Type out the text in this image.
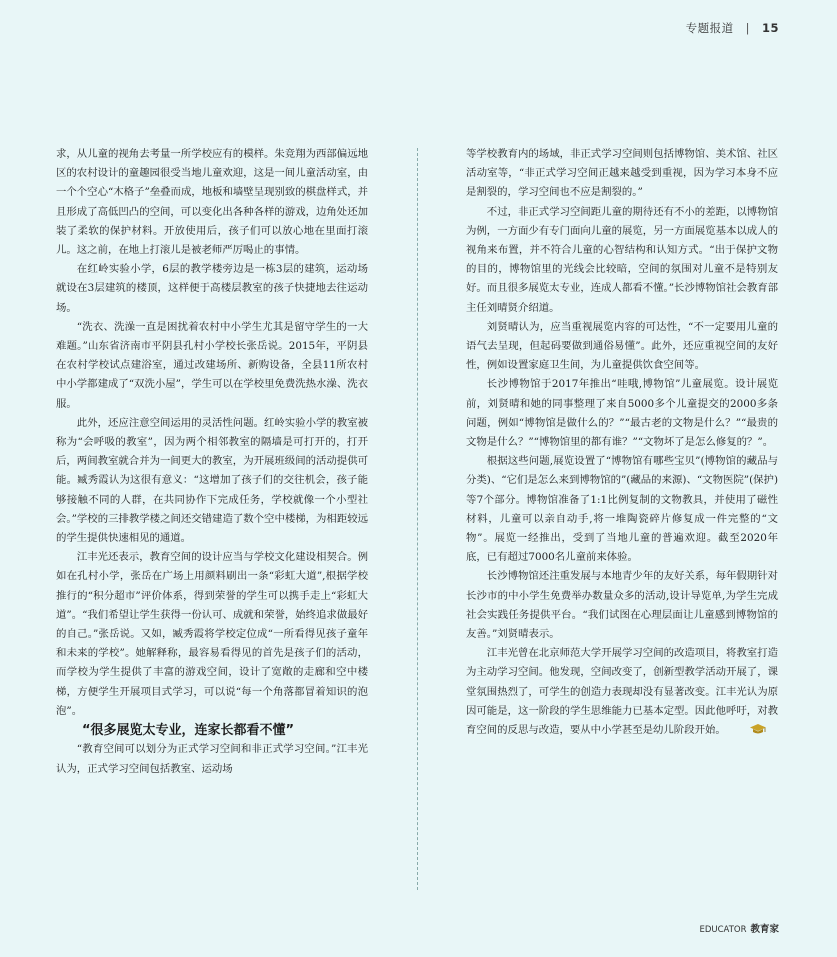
专题报道 | 15

求，从儿童的视角去考量一所学校应有的模样。朱竞翔为西部偏远地区的农村设计的童趣园很受当地儿童欢迎，这是一间儿童活动室，由一个个空心“木格子”垒叠而成，地板和墙壁呈现别致的棋盘样式，并且形成了高低凹凸的空间，可以变化出各种各样的游戏，边角处还加装了柔软的保护材料。开放使用后，孩子们可以放心地在里面打滚儿。这之前，在地上打滚儿是被老师严厉喝止的事情。

在红岭实验小学，6层的教学楼旁边是一栋3层的建筑，运动场就设在3层建筑的楼顶，这样便于高楼层教室的孩子快捷地去往运动场。

“洗衣、洗澡一直是困扰着农村中小学生尤其是留守学生的一大难题。”山东省济南市平阴县孔村小学校长张岳说。2015年，平阴县在农村学校试点建浴室，通过改建场所、新购设备，全县11所农村中小学都建成了“双洗小屋”，学生可以在学校里免费洗热水澡、洗衣服。

此外，还应注意空间运用的灵活性问题。红岭实验小学的教室被称为“会呼吸的教室”，因为两个相邻教室的隔墙是可打开的，打开后，两间教室就合并为一间更大的教室，为开展班级间的活动提供可能。臧秀霞认为这很有意义：“这增加了孩子们的交往机会，孩子能够接触不同的人群，在共同协作下完成任务，学校就像一个小型社会。”学校的三排教学楼之间还交错建造了数个空中楼梯，为相距较远的学生提供快速相见的通道。

江丰光还表示，教育空间的设计应当与学校文化建设相契合。例如在孔村小学，张岳在广场上用颜料刷出一条“彩虹大道”,根据学校推行的“积分超市”评价体系，得到荣誉的学生可以携手走上“彩虹大道”。“我们希望让学生获得一份认可、成就和荣誉，始终追求做最好的自己。”张岳说。又如，臧秀霞将学校定位成“一所看得见孩子童年和未来的学校”。她解释称，最容易看得见的首先是孩子们的活动，而学校为学生提供了丰富的游戏空间，设计了宽敞的走廊和空中楼梯，方便学生开展项目式学习，可以说“每一个角落都冒着知识的泡泡”。

“很多展览太专业，连家长都看不懂”

“教育空间可以划分为正式学习空间和非正式学习空间。”江丰光认为，正式学习空间包括教室、运动场

等学校教育内的场域，非正式学习空间则包括博物馆、美术馆、社区活动室等，“非正式学习空间正越来越受到重视，因为学习本身不应是割裂的，学习空间也不应是割裂的。”

不过，非正式学习空间距儿童的期待还有不小的差距，以博物馆为例，一方面少有专门面向儿童的展览，另一方面展览基本以成人的视角来布置，并不符合儿童的心智结构和认知方式。“出于保护文物的目的，博物馆里的光线会比较暗，空间的氛围对儿童不是特别友好。而且很多展览太专业，连成人都看不懂。”长沙博物馆社会教育部主任刘晴贤介绍道。

刘贤晴认为，应当重视展览内容的可达性，“不一定要用儿童的语气去呈现，但起码要做到通俗易懂”。此外，还应重视空间的友好性，例如设置家庭卫生间，为儿童提供饮食空间等。

长沙博物馆于2017年推出“哇哦,博物馆”儿童展览。设计展览前，刘贤晴和她的同事整理了来自5000多个儿童提交的2000多条问题，例如“博物馆是做什么的？”“最古老的文物是什么？”“最贵的文物是什么？”“博物馆里的都有谁？”“文物坏了是怎么修复的？”。

根据这些问题,展览设置了“博物馆有哪些宝贝”(博物馆的藏品与分类)、“它们是怎么来到博物馆的”(藏品的来源)、“文物医院”(保护)等7个部分。博物馆准备了1:1比例复制的文物教具，并使用了磁性材料，儿童可以亲自动手,将一堆陶瓷碎片修复成一件完整的“文物”。展览一经推出，受到了当地儿童的普遍欢迎。截至2020年底，已有超过7000名儿童前来体验。

长沙博物馆还注重发展与本地青少年的友好关系，每年假期针对长沙市的中小学生免费举办数量众多的活动,设计导览单,为学生完成社会实践任务提供平台。“我们试图在心理层面让儿童感到博物馆的友善。”刘贤晴表示。

江丰光曾在北京师范大学开展学习空间的改造项目，将教室打造为主动学习空间。他发现，空间改变了，创新型教学活动开展了，课堂氛围热烈了，可学生的创造力表现却没有显著改变。江丰光认为原因可能是，这一阶段的学生思维能力已基本定型。因此他呼吁，对教育空间的反思与改造，要从中小学甚至是幼儿阶段开始。

EDUCATOR 教育家
